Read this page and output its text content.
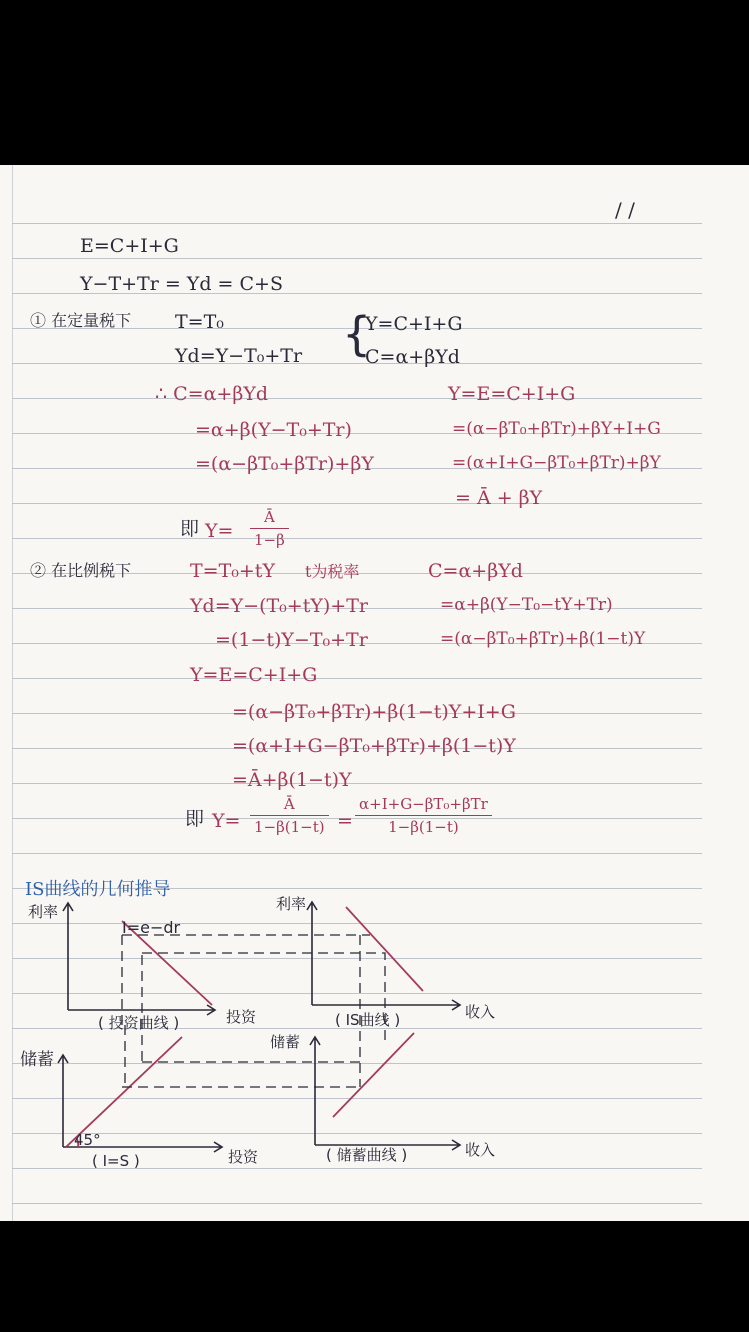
/ /
E=C+I+G
Y−T+Tr = Yd = C+S
① 在定量税下 T=T₀
Yd=Y−T₀+Tr {
Y=C+I+G
C=α+βYd
∴ C=α+βYd
=α+β(Y−T₀+Tr)
=(α−βT₀+βTr)+βY
Y=E=C+I+G
=(α−βT₀+βTr)+βY+I+G
=(α+I+G−βT₀+βTr)+βY
= Ā + βY
即 Y=
Ā
1−β
② 在比例税下	T=T₀+tY t为税率	C=α+βYd
Yd=Y−(T₀+tY)+Tr
=(1−t)Y−T₀+Tr
=α+β(Y−T₀−tY+Tr)
=(α−βT₀+βTr)+β(1−t)Y
Y=E=C+I+G
=(α−βT₀+βTr)+β(1−t)Y+I+G
=(α+I+G−βT₀+βTr)+β(1−t)Y
=Ā+β(1−t)Y
即 Y=
Ā
1−β(1−t) =
α+I+G−βT₀+βTr
1−β(1−t)
IS曲线的几何推导
利率
投资
I=e−dr
( 投资曲线 )
利率
收入
( IS曲线 )
储蓄
投资
45°
( I=S )
储蓄
收入
( 储蓄曲线 )
